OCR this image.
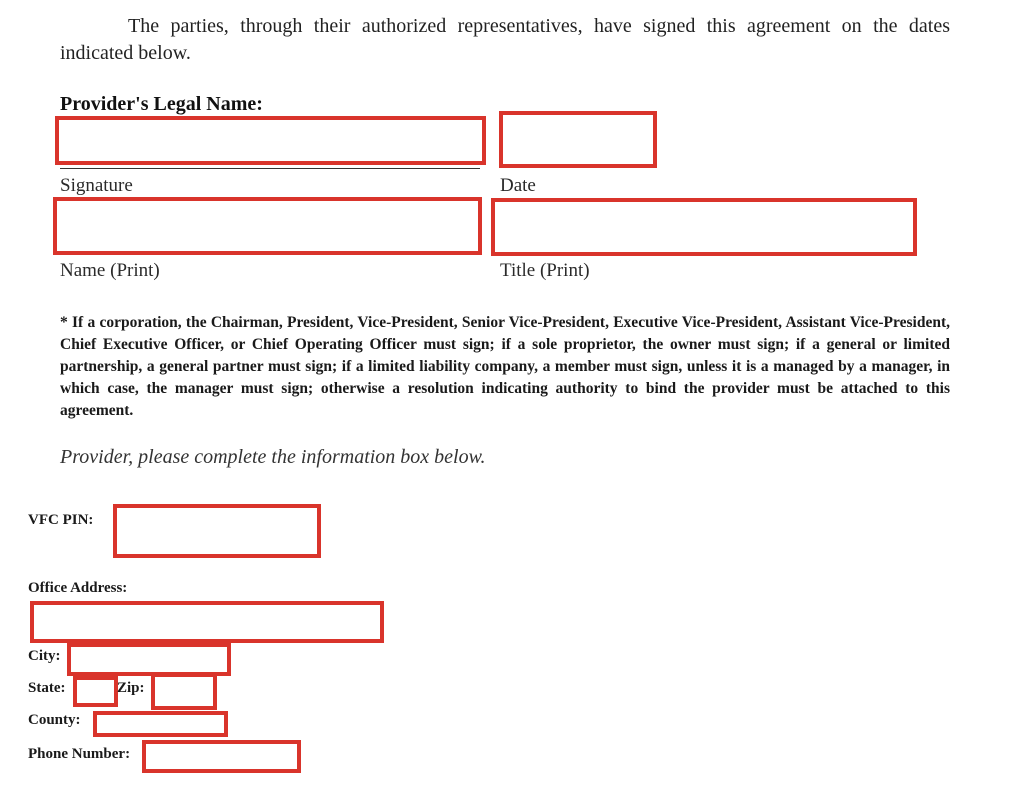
The parties, through their authorized representatives, have signed this agreement on the dates indicated below.
Provider's Legal Name:
Signature	Date
Name (Print)	Title (Print)
* If a corporation, the Chairman, President, Vice-President, Senior Vice-President, Executive Vice-President, Assistant Vice-President, Chief Executive Officer, or Chief Operating Officer must sign; if a sole proprietor, the owner must sign; if a general or limited partnership, a general partner must sign; if a limited liability company, a member must sign, unless it is a managed by a manager, in which case, the manager must sign; otherwise a resolution indicating authority to bind the provider must be attached to this agreement.
Provider, please complete the information box below.
VFC PIN:
Office Address:
City:
State:	Zip:
County:
Phone Number:
